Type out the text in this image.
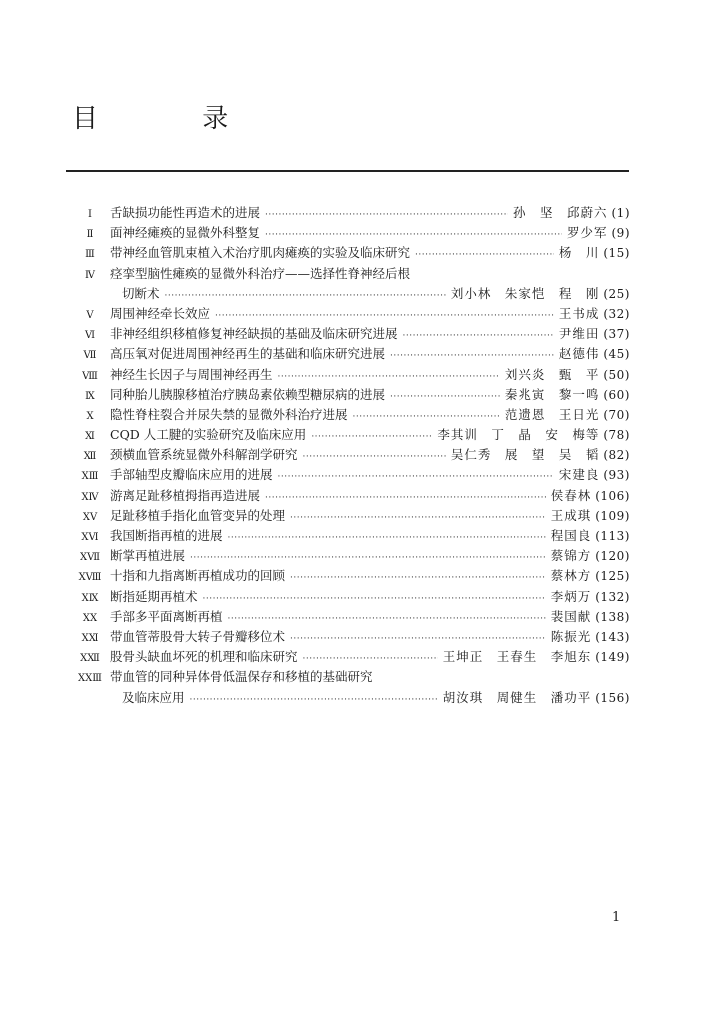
目 录
Ⅰ	舌缺损功能性再造术的进展 ·····	孙　坚　邱蔚六 (1)
Ⅱ	面神经瘫痪的显微外科整复 ·····	罗少军 (9)
Ⅲ	带神经血管肌束植入术治疗肌肉瘫痪的实验及临床研究 ·····	杨　川 (15)
Ⅳ	痉挛型脑性瘫痪的显微外科治疗——选择性脊神经后根
切断术 ·····	刘小林　朱家恺　程　刚 (25)
Ⅴ	周围神经牵长效应 ·····	王书成 (32)
Ⅵ	非神经组织移植修复神经缺损的基础及临床研究进展 ·····	尹维田 (37)
Ⅶ	高压氧对促进周围神经再生的基础和临床研究进展 ·····	赵德伟 (45)
Ⅷ 神经生长因子与周围神经再生 ·····	刘兴炎　甄　平 (50)
Ⅸ	同种胎儿胰腺移植治疗胰岛素依赖型糖尿病的进展 ·····	秦兆寅　黎一鸣 (60)
Ⅹ	隐性脊柱裂合并尿失禁的显微外科治疗进展 ·····	范遗恩　王日光 (70)
Ⅺ	CQD 人工腱的实验研究及临床应用 ·····	李其训　丁　晶　安　梅等 (78)
Ⅻ	颈横血管系统显微外科解剖学研究 ·····	吴仁秀　展　望　吴　韬 (82)
XⅢ 手部轴型皮瓣临床应用的进展 ·····	宋建良 (93)
XⅣ 游离足趾移植拇指再造进展 ·····	侯春林 (106)
XⅤ	足趾移植手指化血管变异的处理 ·····	王成琪 (109)
XⅥ 我国断指再植的进展 ·····	程国良 (113)
XⅦ 断掌再植进展 ·····	蔡锦方 (120)
XⅧ 十指和九指离断再植成功的回顾 ·····	蔡林方 (125)
XⅨ 断指延期再植术 ·····	李炳万 (132)
XX	手部多平面离断再植 ·····	裴国献 (138)
XⅪ 带血管蒂股骨大转子骨瓣移位术 ·····	陈振光 (143)
XⅫ 股骨头缺血坏死的机理和临床研究 ·····	王坤正　王春生　李旭东 (149)
XXⅢ 带血管的同种异体骨低温保存和移植的基础研究
及临床应用 ·····	胡汝琪　周健生　潘功平 (156)
1
